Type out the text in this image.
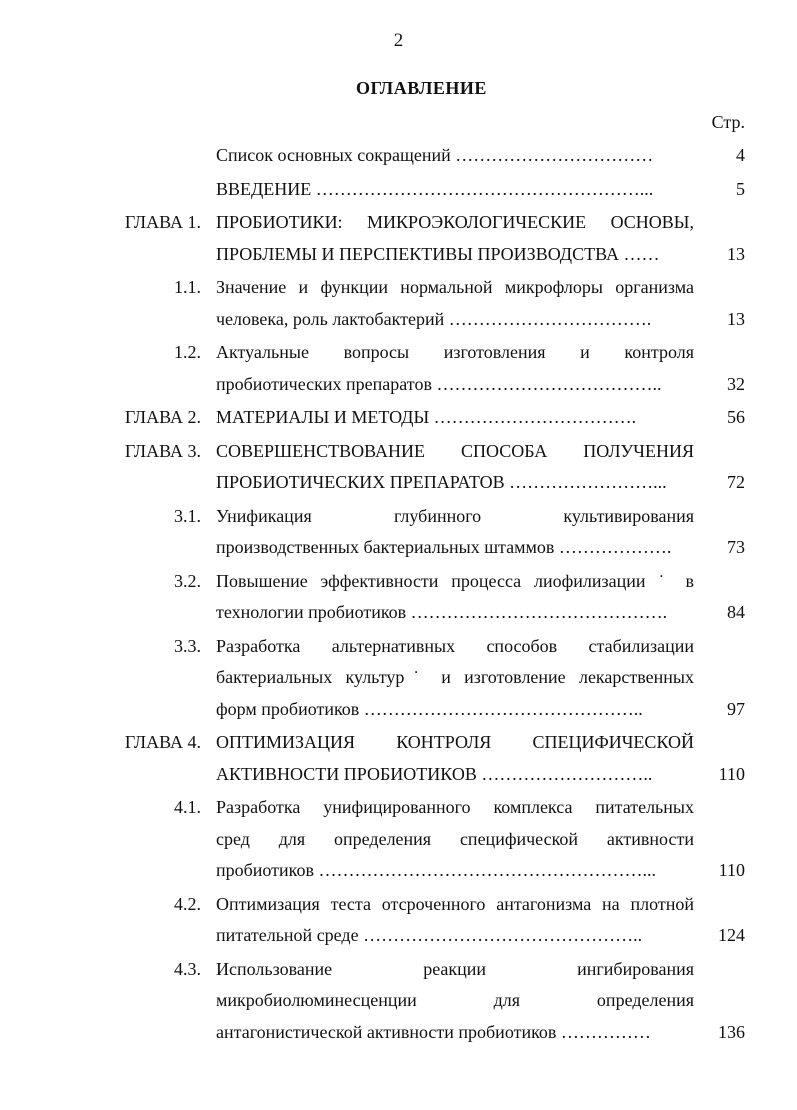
2
ОГЛАВЛЕНИЕ
Стр.
Список основных сокращений ……………………………	4
ВВЕДЕНИЕ ………………………………………………...	5
ГЛАВА 1. ПРОБИОТИКИ: МИКРОЭКОЛОГИЧЕСКИЕ ОСНОВЫ,
ПРОБЛЕМЫ И ПЕРСПЕКТИВЫ ПРОИЗВОДСТВА ……	13
1.1. Значение и функции нормальной микрофлоры организма
человека, роль лактобактерий …………………………….	13
1.2. Актуальные вопросы изготовления и контроля
пробиотических препаратов ………………………………..	32
ГЛАВА 2. МАТЕРИАЛЫ И МЕТОДЫ …………………………….	56
ГЛАВА 3. СОВЕРШЕНСТВОВАНИЕ СПОСОБА ПОЛУЧЕНИЯ
ПРОБИОТИЧЕСКИХ ПРЕПАРАТОВ ……………………...	72
3.1. Унификация глубинного культивирования
производственных бактериальных штаммов ……………….	73
3.2. Повышение эффективности процесса лиофилизации ˙ в
технологии пробиотиков …………………………………….	84
3.3. Разработка альтернативных способов стабилизации
бактериальных культур˙ и изготовление лекарственных
форм пробиотиков ………………………………………..	97
ГЛАВА 4. ОПТИМИЗАЦИЯ КОНТРОЛЯ СПЕЦИФИЧЕСКОЙ
АКТИВНОСТИ ПРОБИОТИКОВ ………………………..	110
4.1. Разработка унифицированного комплекса питательных
сред для определения специфической активности
пробиотиков ………………………………………………...	110
4.2. Оптимизация теста отсроченного антагонизма на плотной
питательной среде ………………………………………..	124
4.3. Использование реакции ингибирования
микробиолюминесценции для определения
антагонистической активности пробиотиков ……………	136
